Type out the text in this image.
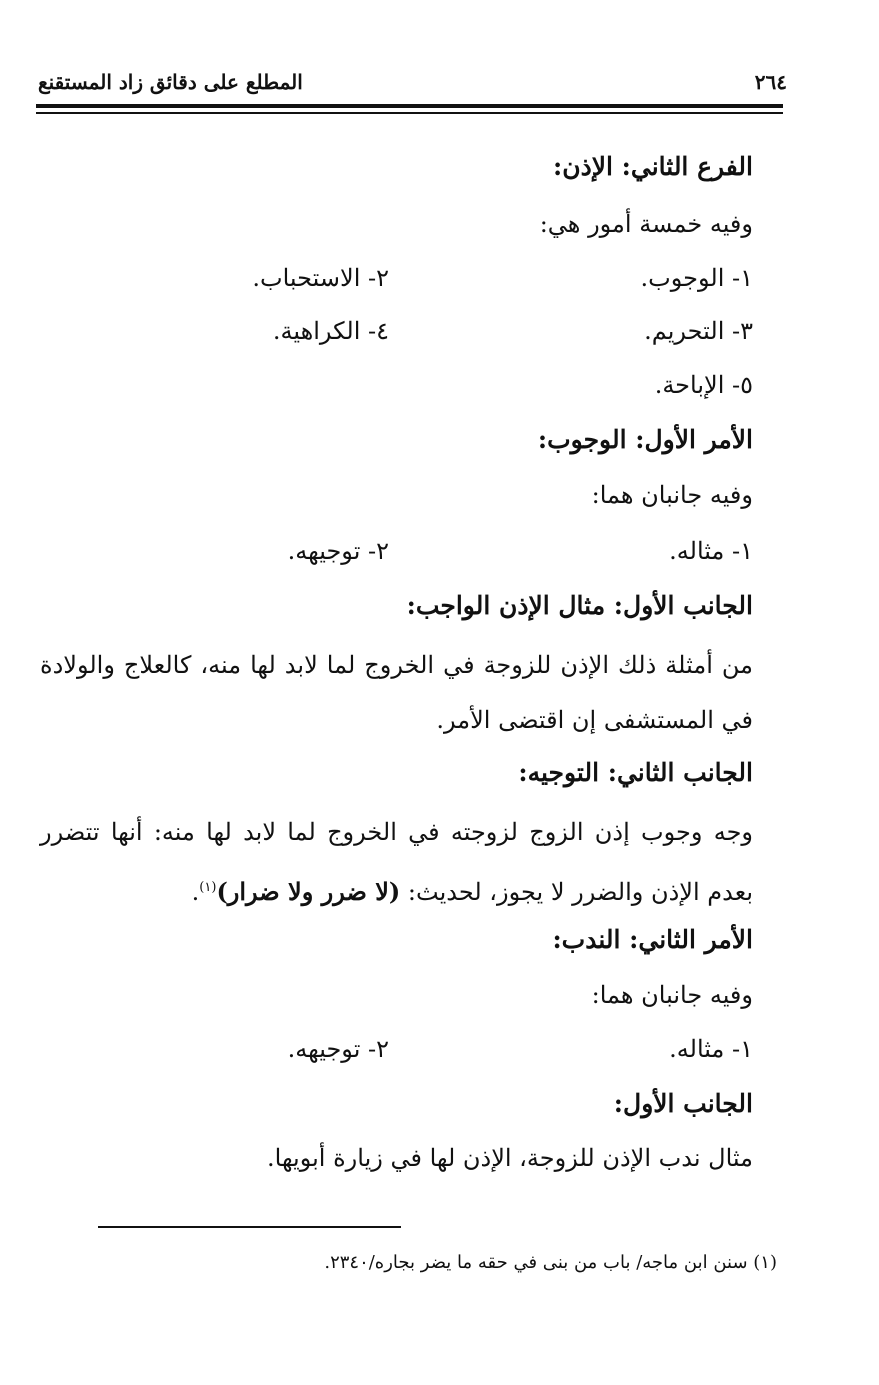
٢٦٤
المطلع على دقائق زاد المستقنع
الفرع الثاني: الإذن:
وفيه خمسة أمور هي:
١- الوجوب.
٢- الاستحباب.
٣- التحريم.
٤- الكراهية.
٥- الإباحة.
الأمر الأول: الوجوب:
وفيه جانبان هما:
١- مثاله.
٢- توجيهه.
الجانب الأول: مثال الإذن الواجب:
من أمثلة ذلك الإذن للزوجة في الخروج لما لابد لها منه، كالعلاج والولادة في المستشفى إن اقتضى الأمر.
الجانب الثاني: التوجيه:
وجه وجوب إذن الزوج لزوجته في الخروج لما لابد لها منه: أنها تتضرر بعدم الإذن والضرر لا يجوز، لحديث: (لا ضرر ولا ضرار)$^{(١)}$.
الأمر الثاني: الندب:
وفيه جانبان هما:
١- مثاله.
٢- توجيهه.
الجانب الأول:
مثال ندب الإذن للزوجة، الإذن لها في زيارة أبويها.
(١) سنن ابن ماجه/ باب من بنى في حقه ما يضر بجاره/٢٣٤٠.
